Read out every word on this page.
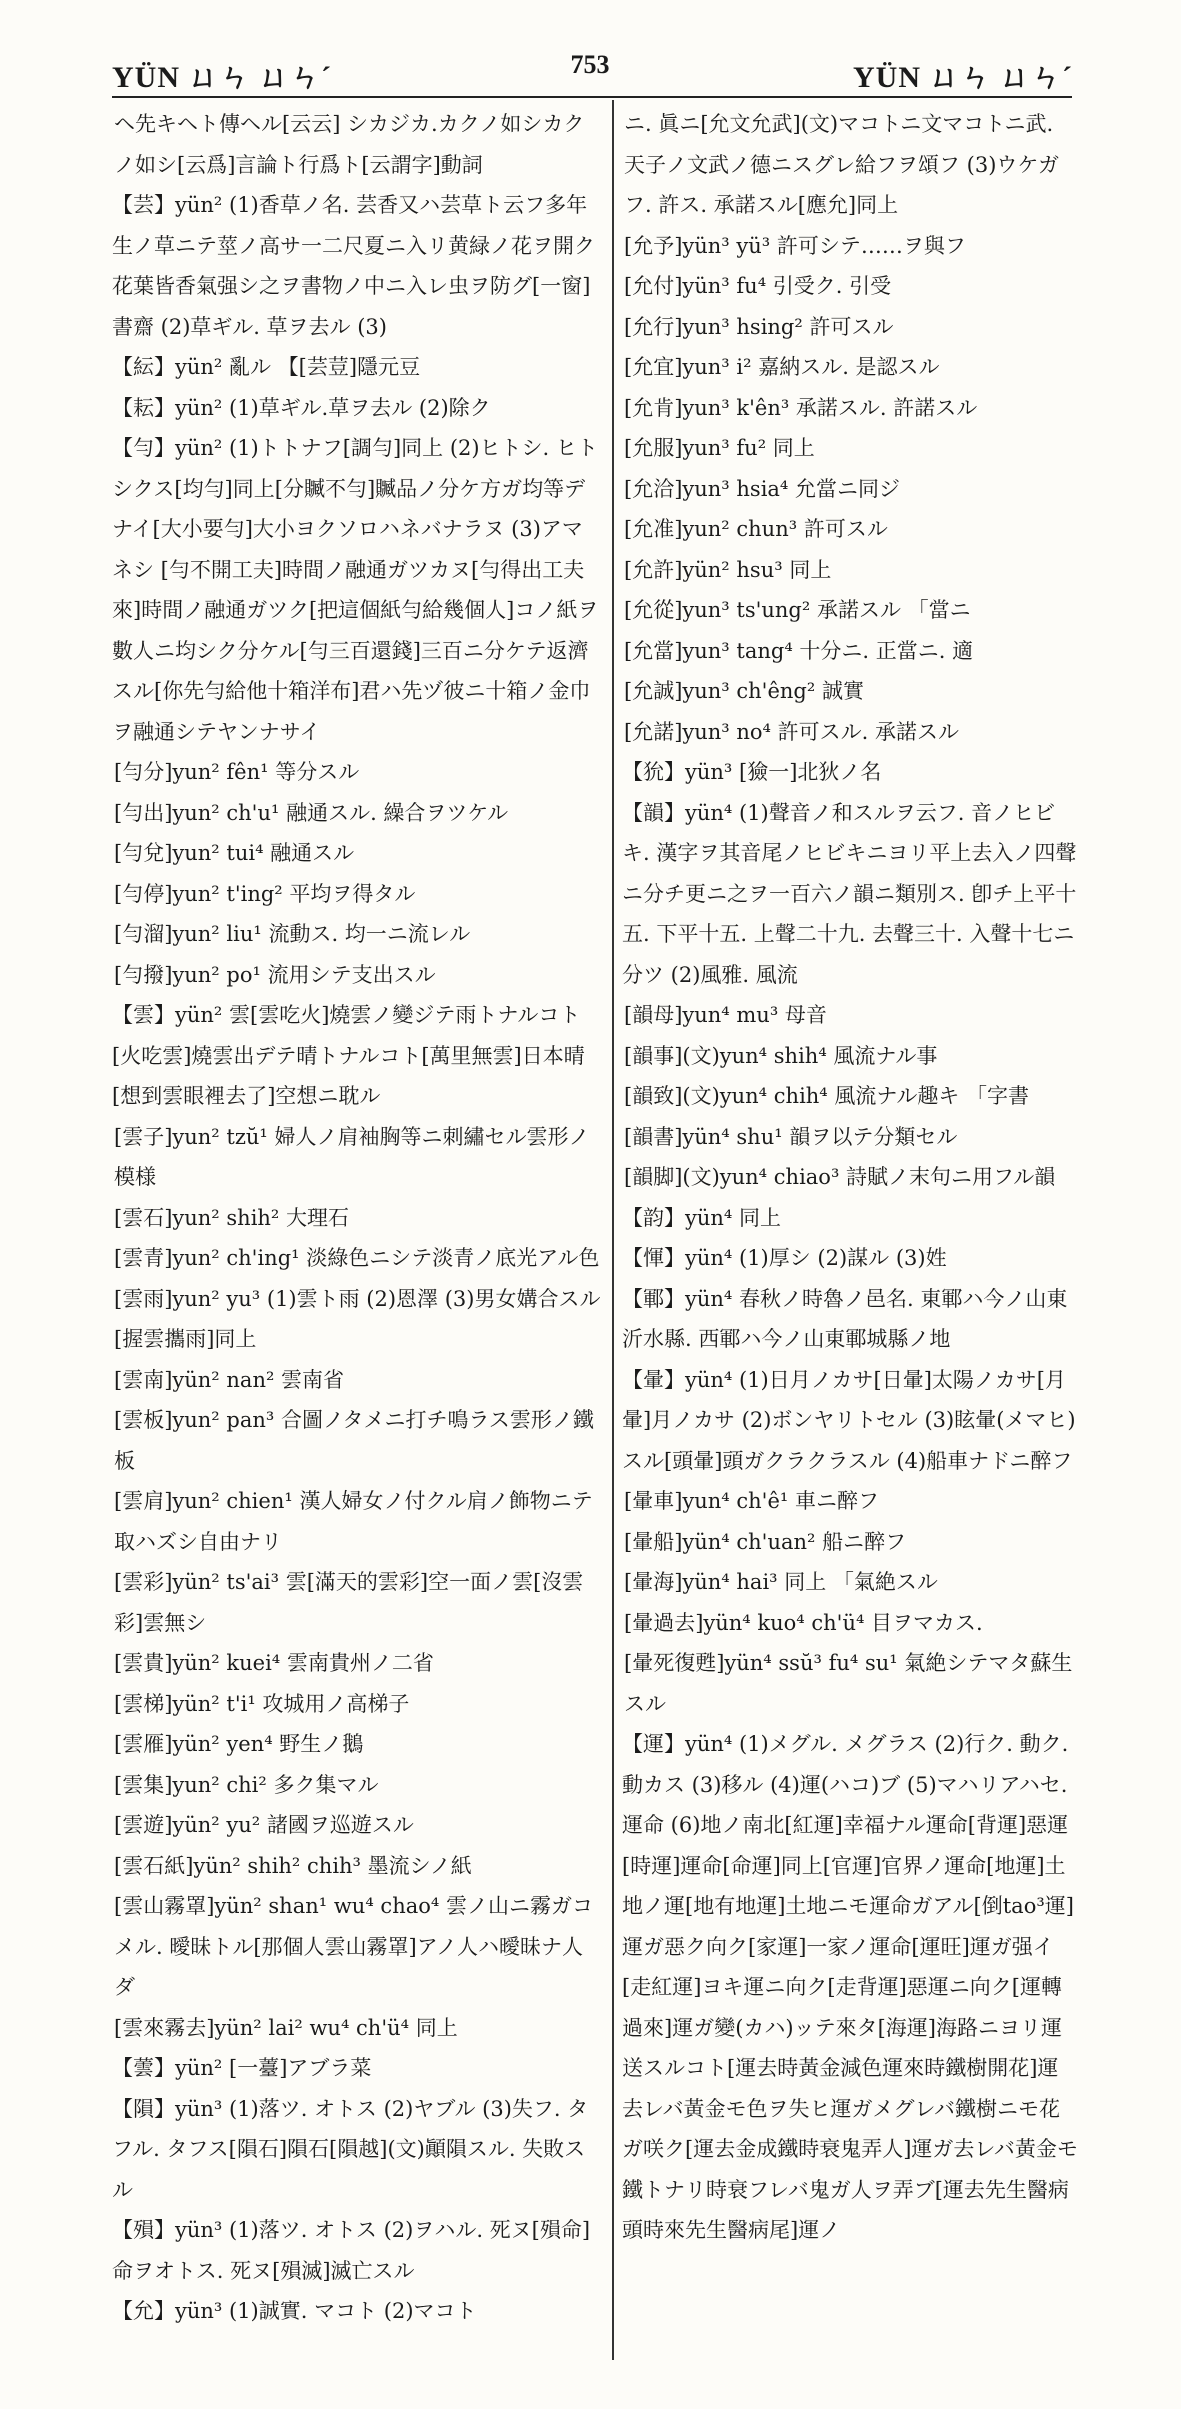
YÜN ㄩㄣ ㄩㄣˊ	753	YÜN ㄩㄣ ㄩㄣˊ
ヘ先キヘト傳ヘル[云云] シカジカ.カクノ如シカクノ如シ[云爲]言論ト行爲ト[云謂字]動詞
【芸】yün² (1)香草ノ名. 芸香又ハ芸草ト云フ多年生ノ草ニテ莖ノ高サ一二尺夏ニ入リ黄緑ノ花ヲ開ク花葉皆香氣强シ之ヲ書物ノ中ニ入レ虫ヲ防グ[一窗]書齋 (2)草ギル. 草ヲ去ル (3)
【紜】yün² 亂ル 【[芸荳]隱元豆
【耘】yün² (1)草ギル.草ヲ去ル (2)除ク
【勻】yün² (1)トトナフ[調勻]同上 (2)ヒトシ. ヒトシクス[均勻]同上[分贓不勻]贓品ノ分ケ方ガ均等デナイ[大小要勻]大小ヨクソロハネバナラヌ (3)アマネシ [勻不開工夫]時間ノ融通ガツカヌ[勻得出工夫來]時間ノ融通ガツク[把這個紙勻給幾個人]コノ紙ヲ數人ニ均シク分ケル[勻三百還錢]三百ニ分ケテ返濟スル[你先勻給他十箱洋布]君ハ先ヅ彼ニ十箱ノ金巾ヲ融通シテヤンナサイ
[勻分]yun² fên¹ 等分スル
[勻出]yun² ch'u¹ 融通スル. 繰合ヲツケル
[勻兌]yun² tui⁴ 融通スル
[勻停]yun² t'ing² 平均ヲ得タル
[勻溜]yun² liu¹ 流動ス. 均一ニ流レル
[勻撥]yun² po¹ 流用シテ支出スル
【雲】yün² 雲[雲吃火]燒雲ノ變ジテ雨トナルコト[火吃雲]燒雲出デテ晴トナルコト[萬里無雲]日本晴[想到雲眼裡去了]空想ニ耽ル
[雲子]yun² tzŭ¹ 婦人ノ肩袖胸等ニ刺繡セル雲形ノ模様
[雲石]yun² shih² 大理石
[雲青]yun² ch'ing¹ 淡綠色ニシテ淡青ノ底光アル色
[雲雨]yun² yu³ (1)雲ト雨 (2)恩澤 (3)男女媾合スル[握雲攜雨]同上
[雲南]yün² nan² 雲南省
[雲板]yun² pan³ 合圖ノタメニ打チ鳴ラス雲形ノ鐵板
[雲肩]yun² chien¹ 漢人婦女ノ付クル肩ノ飾物ニテ取ハズシ自由ナリ
[雲彩]yün² ts'ai³ 雲[滿天的雲彩]空一面ノ雲[沒雲彩]雲無シ
[雲貴]yün² kuei⁴ 雲南貴州ノ二省
[雲梯]yün² t'i¹ 攻城用ノ高梯子
[雲雁]yün² yen⁴ 野生ノ鵝
[雲集]yun² chi² 多ク集マル
[雲遊]yün² yu² 諸國ヲ巡遊スル
[雲石紙]yün² shih² chih³ 墨流シノ紙
[雲山霧罩]yün² shan¹ wu⁴ chao⁴ 雲ノ山ニ霧ガコメル. 曖昧トル[那個人雲山霧罩]アノ人ハ曖昧ナ人ダ
[雲來霧去]yün² lai² wu⁴ ch'ü⁴ 同上
【蕓】yün² [一薹]アブラ菜
【隕】yün³ (1)落ツ. オトス (2)ヤブル (3)失フ. タフル. タフス[隕石]隕石[隕越](文)顚隕スル. 失敗スル
【殞】yün³ (1)落ツ. オトス (2)ヲハル. 死ヌ[殞命]命ヲオトス. 死ヌ[殞滅]滅亡スル
【允】yün³ (1)誠實. マコト (2)マコト
ニ. 眞ニ[允文允武](文)マコトニ文マコトニ武. 天子ノ文武ノ德ニスグレ給フヲ頌フ (3)ウケガフ. 許ス. 承諾スル[應允]同上
[允予]yün³ yü³ 許可シテ……ヲ與フ
[允付]yün³ fu⁴ 引受ク. 引受
[允行]yun³ hsing² 許可スル
[允宜]yun³ i² 嘉納スル. 是認スル
[允肯]yun³ k'ên³ 承諾スル. 許諾スル
[允服]yun³ fu² 同上
[允洽]yun³ hsia⁴ 允當ニ同ジ
[允准]yun² chun³ 許可スル
[允許]yün² hsu³ 同上
[允從]yun³ ts'ung² 承諾スル 「當ニ
[允當]yun³ tang⁴ 十分ニ. 正當ニ. 適
[允誠]yun³ ch'êng² 誠實
[允諾]yun³ no⁴ 許可スル. 承諾スル
【狁】yün³ [獫一]北狄ノ名
【韻】yün⁴ (1)聲音ノ和スルヲ云フ. 音ノヒビキ. 漢字ヲ其音尾ノヒビキニヨリ平上去入ノ四聲ニ分チ更ニ之ヲ一百六ノ韻ニ類別ス. 卽チ上平十五. 下平十五. 上聲二十九. 去聲三十. 入聲十七ニ分ツ (2)風雅. 風流
[韻母]yun⁴ mu³ 母音
[韻事](文)yun⁴ shih⁴ 風流ナル事
[韻致](文)yun⁴ chih⁴ 風流ナル趣キ 「字書
[韻書]yün⁴ shu¹ 韻ヲ以テ分類セル
[韻脚](文)yun⁴ chiao³ 詩賦ノ末句ニ用フル韻
【韵】yün⁴ 同上
【惲】yün⁴ (1)厚シ (2)謀ル (3)姓
【鄆】yün⁴ 春秋ノ時魯ノ邑名. 東鄆ハ今ノ山東沂水縣. 西鄆ハ今ノ山東鄆城縣ノ地
【暈】yün⁴ (1)日月ノカサ[日暈]太陽ノカサ[月暈]月ノカサ (2)ボンヤリトセル (3)眩暈(メマヒ)スル[頭暈]頭ガクラクラスル (4)船車ナドニ醉フ
[暈車]yun⁴ ch'ê¹ 車ニ醉フ
[暈船]yün⁴ ch'uan² 船ニ醉フ
[暈海]yün⁴ hai³ 同上 「氣絶スル
[暈過去]yün⁴ kuo⁴ ch'ü⁴ 目ヲマカス.
[暈死復甦]yün⁴ ssŭ³ fu⁴ su¹ 氣絶シテマタ蘇生スル
【運】yün⁴ (1)メグル. メグラス (2)行ク. 動ク. 動カス (3)移ル (4)運(ハコ)ブ (5)マハリアハセ. 運命 (6)地ノ南北[紅運]幸福ナル運命[背運]惡運[時運]運命[命運]同上[官運]官界ノ運命[地運]土地ノ運[地有地運]土地ニモ運命ガアル[倒tao³運]運ガ惡ク向ク[家運]一家ノ運命[運旺]運ガ强イ[走紅運]ヨキ運ニ向ク[走背運]惡運ニ向ク[運轉過來]運ガ變(カハ)ッテ來タ[海運]海路ニヨリ運送スルコト[運去時黃金減色運來時鐵樹開花]運去レバ黃金モ色ヲ失ヒ運ガメグレバ鐵樹ニモ花ガ咲ク[運去金成鐵時衰鬼弄人]運ガ去レバ黃金モ鐵トナリ時衰フレバ鬼ガ人ヲ弄ブ[運去先生醫病頭時來先生醫病尾]運ノ
